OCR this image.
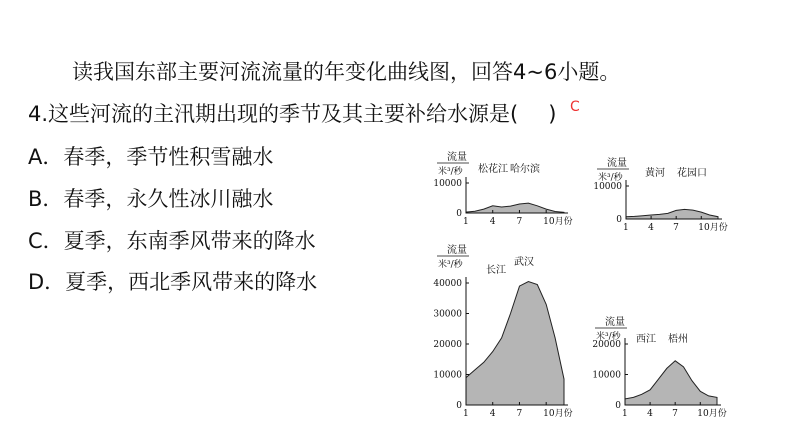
读我国东部主要河流流量的年变化曲线图，回答4~6小题。
4.这些河流的主汛期出现的季节及其主要补给水源是( ) C
A．春季，季节性积雪融水
B．春季，永久性冰川融水
C．夏季，东南季风带来的降水
D．夏季，西北季风带来的降水
0
10000
1 4 7 10月份
流量
米³/秒 松花江 哈尔滨
0
10000
1 4 7 10月份
流量
米³/秒 黄河 花园口
0
10000
20000
30000
40000
1 4 7 10月份
流量
米³/秒 长江
武汉
0
10000
20000
1 4 7 10月份
流量
米³/秒 西江 梧州
